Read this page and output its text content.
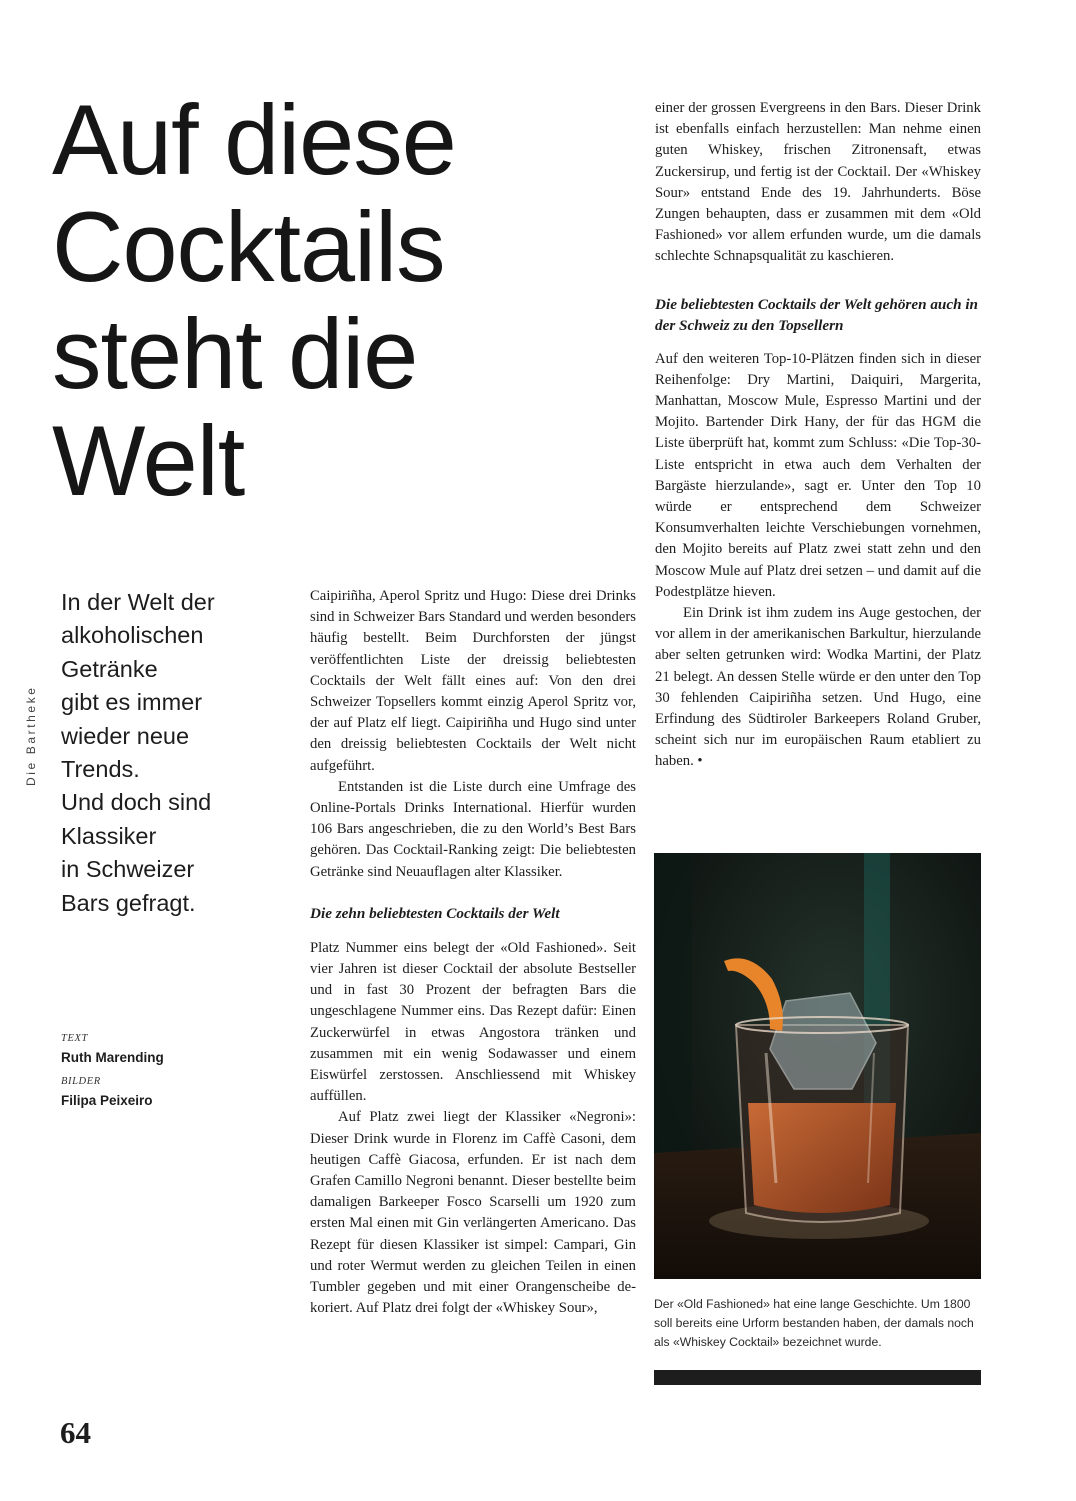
Auf diese
Cocktails
steht die
Welt
Die Bartheke

In der Welt der
alkoholischen
Getränke
gibt es immer
wieder neue
Trends.
Und doch sind
Klassiker
in Schweizer
Bars gefragt.

TEXT
Ruth Marending
BILDER
Filipa Peixeiro

Caipiriñha, Aperol Spritz und Hugo: Diese drei Drinks sind in Schweizer Bars Standard und werden besonders häufig bestellt. Beim Durchforsten der jüngst veröffentlichten Liste der dreissig beliebtesten Cocktails der Welt fällt eines auf: Von den drei Schweizer Topsellers kommt einzig Aperol Spritz vor, der auf Platz elf liegt. Caipiriñha und Hugo sind unter den dreissig beliebtesten Cocktails der Welt nicht aufgeführt.

Entstanden ist die Liste durch eine Umfrage des Online-Portals Drinks International. Hierfür wurden 106 Bars angeschrieben, die zu den World’s Best Bars gehören. Das Cocktail-Ranking zeigt: Die beliebtesten Getränke sind Neuauflagen alter Klassiker.

Die zehn beliebtesten Cocktails der Welt

Platz Nummer eins belegt der «Old Fashioned». Seit vier Jahren ist dieser Cocktail der absolute Bestseller und in fast 30 Prozent der befragten Bars die ungeschlagene Nummer eins. Das Rezept dafür: Einen Zuckerwürfel in etwas Angostora tränken und zusammen mit ein wenig Sodawasser und einem Eiswürfel zerstossen. Anschliessend mit Whiskey auffüllen.

Auf Platz zwei liegt der Klassiker «Negroni»: Dieser Drink wurde in Florenz im Caffè Casoni, dem heutigen Caffè Giacosa, erfunden. Er ist nach dem Grafen Camillo Negroni benannt. Dieser bestellte beim damaligen Barkeeper Fosco Scarselli um 1920 zum ersten Mal einen mit Gin verlängerten Americano. Das Rezept für diesen Klassiker ist simpel: Campari, Gin und roter Wermut werden zu gleichen Teilen in einen Tumbler gegeben und mit einer Orangenscheibe dekoriert. Auf Platz drei folgt der «Whiskey Sour»,

einer der grossen Evergreens in den Bars. Dieser Drink ist ebenfalls einfach herzustellen: Man nehme einen guten Whiskey, frischen Zitronensaft, etwas Zuckersirup, und fertig ist der Cocktail. Der «Whiskey Sour» entstand Ende des 19. Jahrhunderts. Böse Zungen behaupten, dass er zusammen mit dem «Old Fashioned» vor allem erfunden wurde, um die damals schlechte Schnapsqualität zu kaschieren.

Die beliebtesten Cocktails der Welt gehören auch in der Schweiz zu den Topsellern

Auf den weiteren Top-10-Plätzen finden sich in dieser Reihenfolge: Dry Martini, Daiquiri, Margerita, Manhattan, Moscow Mule, Espresso Martini und der Mojito. Bartender Dirk Hany, der für das HGM die Liste überprüft hat, kommt zum Schluss: «Die Top-30-Liste entspricht in etwa auch dem Verhalten der Bargäste hierzulande», sagt er. Unter den Top 10 würde er entsprechend dem Schweizer Konsumverhalten leichte Verschiebungen vornehmen, den Mojito bereits auf Platz zwei statt zehn und den Moscow Mule auf Platz drei setzen – und damit auf die Podestplätze hieven.

Ein Drink ist ihm zudem ins Auge gestochen, der vor allem in der amerikanischen Barkultur, hierzulande aber selten getrunken wird: Wodka Martini, der Platz 21 belegt. An dessen Stelle würde er den unter den Top 30 fehlenden Caipiriñha setzen. Und Hugo, eine Erfindung des Südtiroler Barkeepers Roland Gruber, scheint sich nur im europäischen Raum etabliert zu haben. •

Der «Old Fashioned» hat eine lange Geschichte. Um 1800 soll bereits eine Urform bestanden haben, der damals noch als «Whiskey Cocktail» bezeichnet wurde.
64
